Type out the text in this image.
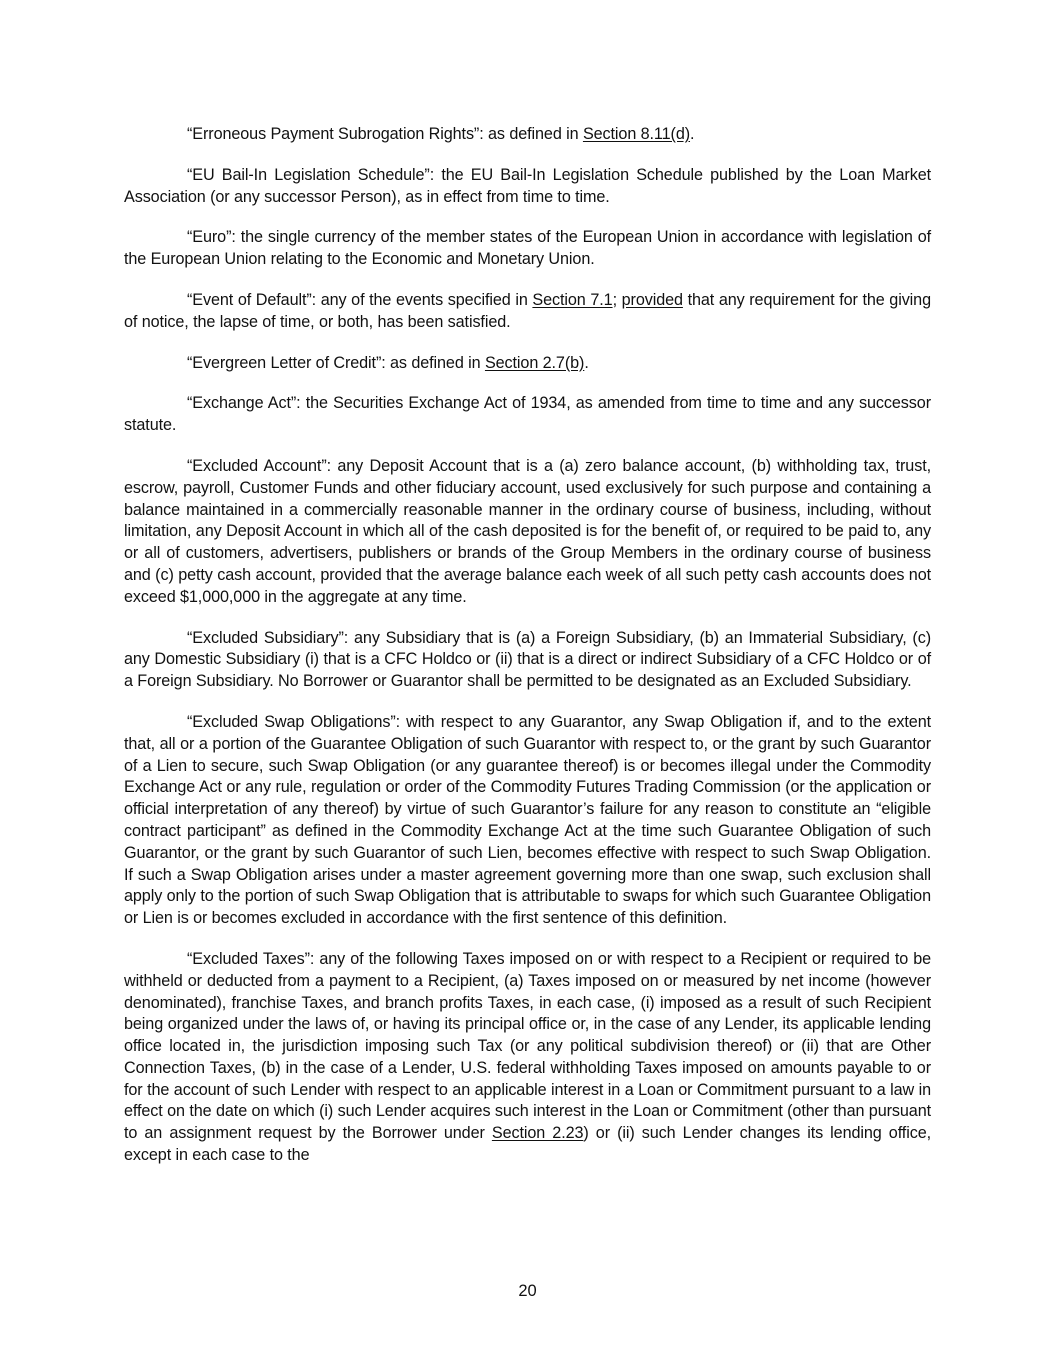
“Erroneous Payment Subrogation Rights”: as defined in Section 8.11(d).

“EU Bail-In Legislation Schedule”: the EU Bail-In Legislation Schedule published by the Loan Market Association (or any successor Person), as in effect from time to time.

“Euro”: the single currency of the member states of the European Union in accordance with legislation of the European Union relating to the Economic and Monetary Union.

“Event of Default”: any of the events specified in Section 7.1; provided that any requirement for the giving of notice, the lapse of time, or both, has been satisfied.

“Evergreen Letter of Credit”: as defined in Section 2.7(b).

“Exchange Act”: the Securities Exchange Act of 1934, as amended from time to time and any successor statute.

“Excluded Account”: any Deposit Account that is a (a) zero balance account, (b) withholding tax, trust, escrow, payroll, Customer Funds and other fiduciary account, used exclusively for such purpose and containing a balance maintained in a commercially reasonable manner in the ordinary course of business, including, without limitation, any Deposit Account in which all of the cash deposited is for the benefit of, or required to be paid to, any or all of customers, advertisers, publishers or brands of the Group Members in the ordinary course of business and (c) petty cash account, provided that the average balance each week of all such petty cash accounts does not exceed $1,000,000 in the aggregate at any time.

“Excluded Subsidiary”: any Subsidiary that is (a) a Foreign Subsidiary, (b) an Immaterial Subsidiary, (c) any Domestic Subsidiary (i) that is a CFC Holdco or (ii) that is a direct or indirect Subsidiary of a CFC Holdco or of a Foreign Subsidiary. No Borrower or Guarantor shall be permitted to be designated as an Excluded Subsidiary.

“Excluded Swap Obligations”: with respect to any Guarantor, any Swap Obligation if, and to the extent that, all or a portion of the Guarantee Obligation of such Guarantor with respect to, or the grant by such Guarantor of a Lien to secure, such Swap Obligation (or any guarantee thereof) is or becomes illegal under the Commodity Exchange Act or any rule, regulation or order of the Commodity Futures Trading Commission (or the application or official interpretation of any thereof) by virtue of such Guarantor’s failure for any reason to constitute an “eligible contract participant” as defined in the Commodity Exchange Act at the time such Guarantee Obligation of such Guarantor, or the grant by such Guarantor of such Lien, becomes effective with respect to such Swap Obligation. If such a Swap Obligation arises under a master agreement governing more than one swap, such exclusion shall apply only to the portion of such Swap Obligation that is attributable to swaps for which such Guarantee Obligation or Lien is or becomes excluded in accordance with the first sentence of this definition.

“Excluded Taxes”: any of the following Taxes imposed on or with respect to a Recipient or required to be withheld or deducted from a payment to a Recipient, (a) Taxes imposed on or measured by net income (however denominated), franchise Taxes, and branch profits Taxes, in each case, (i) imposed as a result of such Recipient being organized under the laws of, or having its principal office or, in the case of any Lender, its applicable lending office located in, the jurisdiction imposing such Tax (or any political subdivision thereof) or (ii) that are Other Connection Taxes, (b) in the case of a Lender, U.S. federal withholding Taxes imposed on amounts payable to or for the account of such Lender with respect to an applicable interest in a Loan or Commitment pursuant to a law in effect on the date on which (i) such Lender acquires such interest in the Loan or Commitment (other than pursuant to an assignment request by the Borrower under Section 2.23) or (ii) such Lender changes its lending office, except in each case to the

20
